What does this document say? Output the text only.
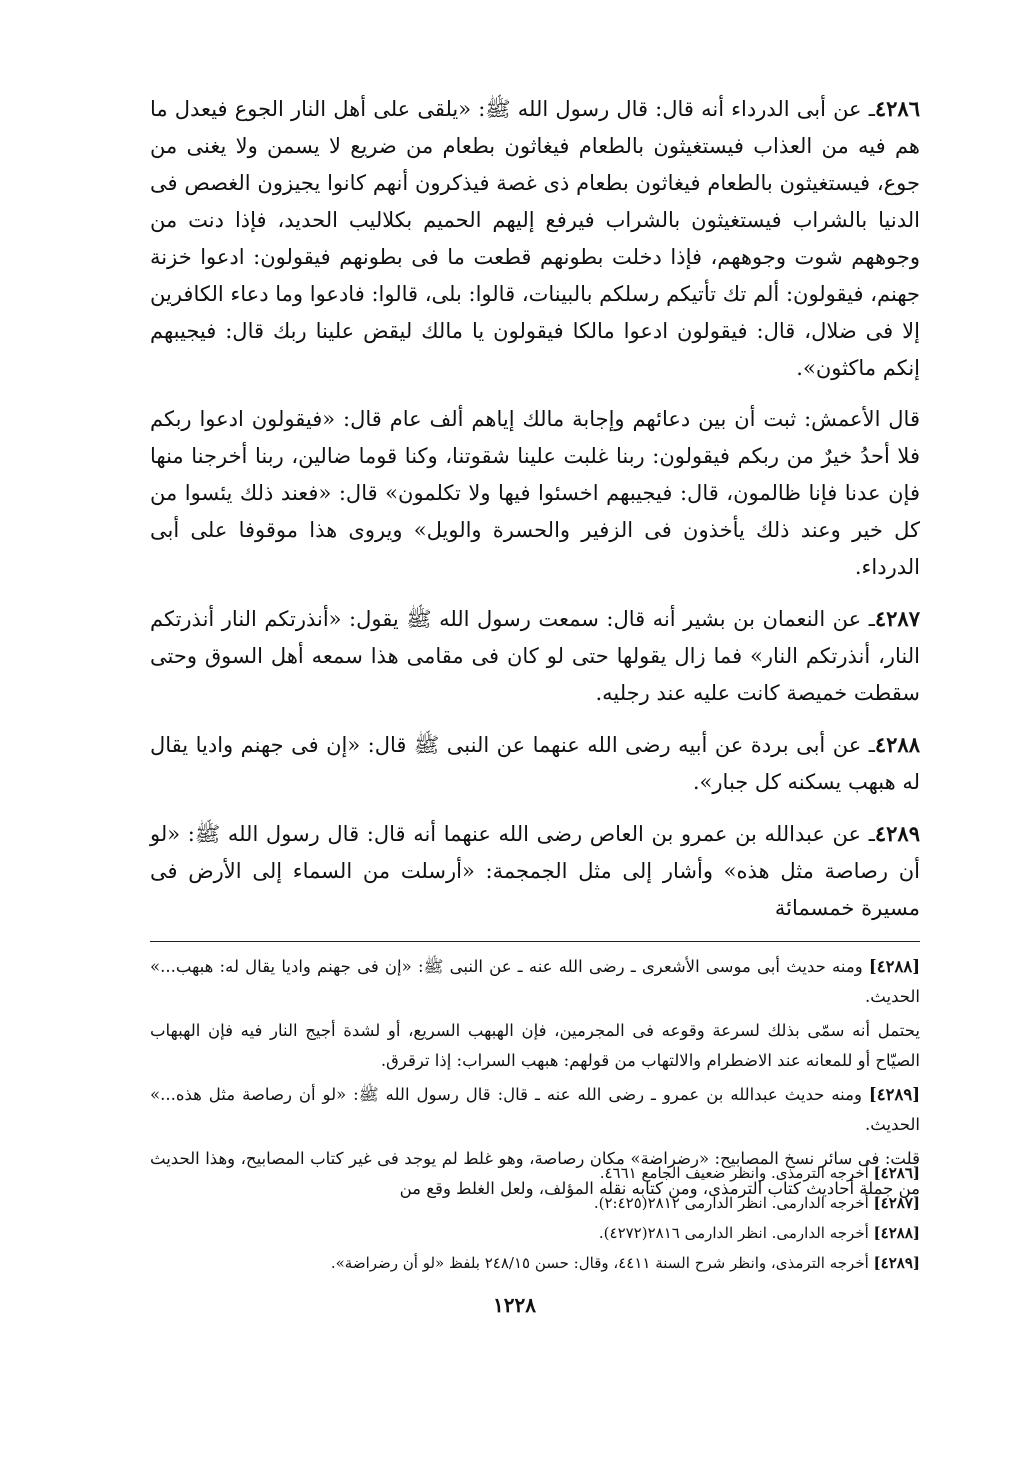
٤٢٨٦ـ عن أبى الدرداء أنه قال: قال رسول الله ﷺ: «يلقى على أهل النار الجوع فيعدل ما هم فيه من العذاب فيستغيثون بالطعام فيغاثون بطعام من ضريع لا يسمن ولا يغنى من جوع، فيستغيثون بالطعام فيغاثون بطعام ذى غصة فيذكرون أنهم كانوا يجيزون الغصص فى الدنيا بالشراب فيستغيثون بالشراب فيرفع إليهم الحميم بكلاليب الحديد، فإذا دنت من وجوههم شوت وجوههم، فإذا دخلت بطونهم قطعت ما فى بطونهم فيقولون: ادعوا خزنة جهنم، فيقولون: ألم تك تأتيكم رسلكم بالبينات، قالوا: بلى، قالوا: فادعوا وما دعاء الكافرين إلا فى ضلال، قال: فيقولون ادعوا مالكا فيقولون يا مالك ليقض علينا ربك قال: فيجيبهم إنكم ماكثون».

قال الأعمش: ثبت أن بين دعائهم وإجابة مالك إياهم ألف عام قال: «فيقولون ادعوا ربكم فلا أحدُ خيرٌ من ربكم فيقولون: ربنا غلبت علينا شقوتنا، وكنا قوما ضالين، ربنا أخرجنا منها فإن عدنا فإنا ظالمون، قال: فيجيبهم اخسئوا فيها ولا تكلمون» قال: «فعند ذلك يئسوا من كل خير وعند ذلك يأخذون فى الزفير والحسرة والويل» ويروى هذا موقوفا على أبى الدرداء.

٤٢٨٧ـ عن النعمان بن بشير أنه قال: سمعت رسول الله ﷺ يقول: «أنذرتكم النار أنذرتكم النار، أنذرتكم النار» فما زال يقولها حتى لو كان فى مقامى هذا سمعه أهل السوق وحتى سقطت خميصة كانت عليه عند رجليه.

٤٢٨٨ـ عن أبى بردة عن أبيه رضى الله عنهما عن النبى ﷺ قال: «إن فى جهنم واديا يقال له هبهب يسكنه كل جبار».

٤٢٨٩ـ عن عبدالله بن عمرو بن العاص رضى الله عنهما أنه قال: قال رسول الله ﷺ: «لو أن رصاصة مثل هذه» وأشار إلى مثل الجمجمة: «أرسلت من السماء إلى الأرض فى مسيرة خمسمائة

[٤٢٨٨] ومنه حديث أبى موسى الأشعرى ـ رضى الله عنه ـ عن النبى ﷺ: «إن فى جهنم واديا يقال له: هبهب...» الحديث.

يحتمل أنه سمّى بذلك لسرعة وقوعه فى المجرمين، فإن الهبهب السريع، أو لشدة أجيج النار فيه فإن الهبهاب الصيّاح أو للمعانه عند الاضطرام والالتهاب من قولهم: هبهب السراب: إذا ترقرق.

[٤٢٨٩] ومنه حديث عبدالله بن عمرو ـ رضى الله عنه ـ قال: قال رسول الله ﷺ: «لو أن رصاصة مثل هذه...» الحديث.

قلت: فى سائر نسخ المصابيح: «رضراضة» مكان رصاصة، وهو غلط لم يوجد فى غير كتاب المصابيح، وهذا الحديث من جملة أحاديث كتاب الترمذى، ومن كتابه نقله المؤلف، ولعل الغلط وقع من

[٤٢٨٦] أخرجه الترمذى. وانظر ضعيف الجامع ٤٦٦١.
[٤٢٨٧] أخرجه الدارمى. انظر الدارمى ٢٨١٢(٢:٤٢٥).
[٤٢٨٨] أخرجه الدارمى. انظر الدارمى ٢٨١٦(٤٢٧٢).
[٤٢٨٩] أخرجه الترمذى، وانظر شرح السنة ٤٤١١، وقال: حسن ٢٤٨/١٥ بلفظ «لو أن رضراضة».
١٢٢٨
